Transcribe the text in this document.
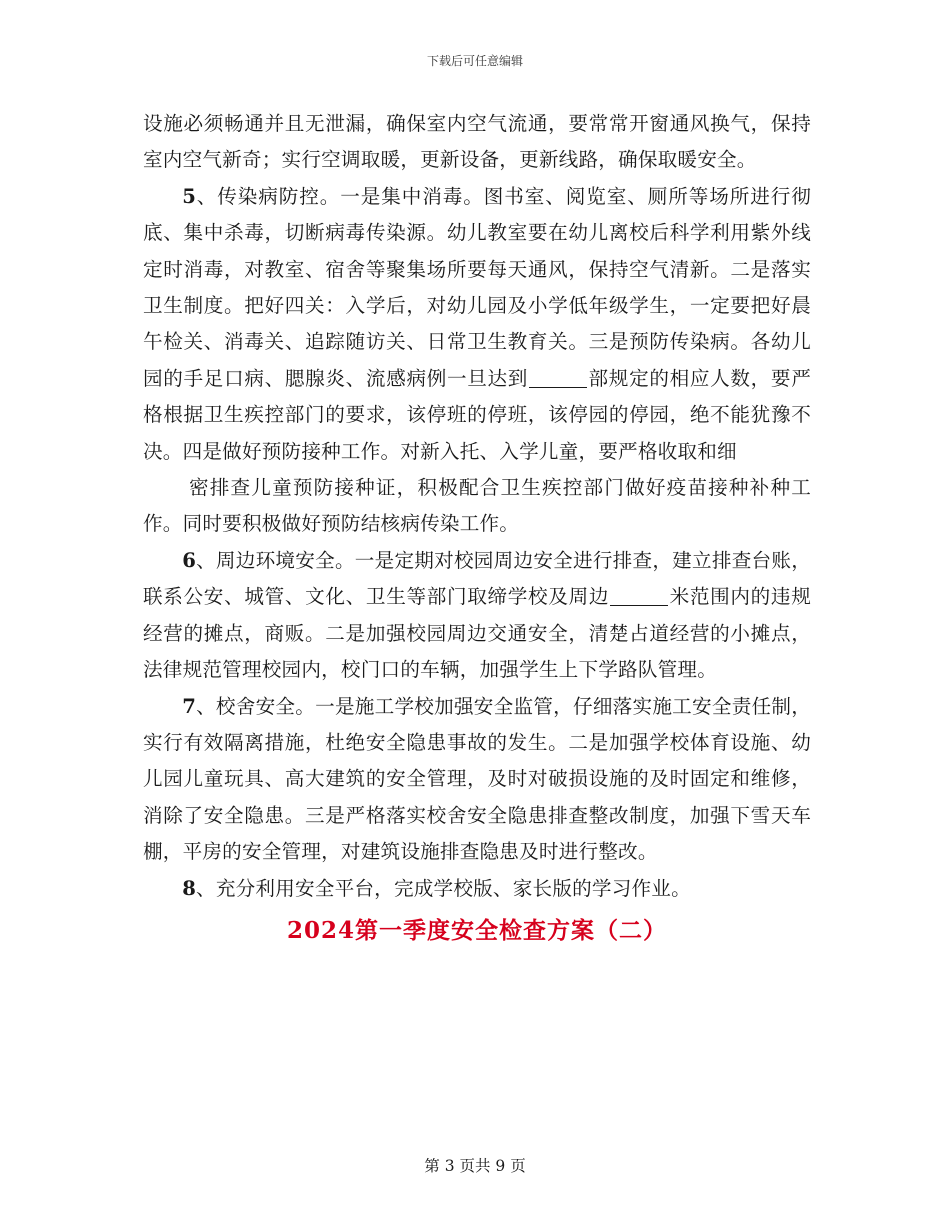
下载后可任意编辑

设施必须畅通并且无泄漏，确保室内空气流通，要常常开窗通风换气，保持室内空气新奇；实行空调取暖，更新设备，更新线路，确保取暖安全。

5、传染病防控。一是集中消毒。图书室、阅览室、厕所等场所进行彻底、集中杀毒，切断病毒传染源。幼儿教室要在幼儿离校后科学利用紫外线定时消毒，对教室、宿舍等聚集场所要每天通风，保持空气清新。二是落实卫生制度。把好四关：入学后，对幼儿园及小学低年级学生，一定要把好晨午检关、消毒关、追踪随访关、日常卫生教育关。三是预防传染病。各幼儿园的手足口病、腮腺炎、流感病例一旦达到	部规定的相应人数，要严格根据卫生疾控部门的要求，该停班的停班，该停园的停园，绝不能犹豫不决。四是做好预防接种工作。对新入托、入学儿童，要严格收取和细

密排查儿童预防接种证，积极配合卫生疾控部门做好疫苗接种补种工作。同时要积极做好预防结核病传染工作。

6、周边环境安全。一是定期对校园周边安全进行排查，建立排查台账，联系公安、城管、文化、卫生等部门取缔学校及周边	米范围内的违规经营的摊点，商贩。二是加强校园周边交通安全，清楚占道经营的小摊点，法律规范管理校园内，校门口的车辆，加强学生上下学路队管理。

7、校舍安全。一是施工学校加强安全监管，仔细落实施工安全责任制，实行有效隔离措施，杜绝安全隐患事故的发生。二是加强学校体育设施、幼儿园儿童玩具、高大建筑的安全管理，及时对破损设施的及时固定和维修，消除了安全隐患。三是严格落实校舍安全隐患排查整改制度，加强下雪天车棚，平房的安全管理，对建筑设施排查隐患及时进行整改。

8、充分利用安全平台，完成学校版、家长版的学习作业。

2024第一季度安全检查方案（二）
第 3 页共 9 页
